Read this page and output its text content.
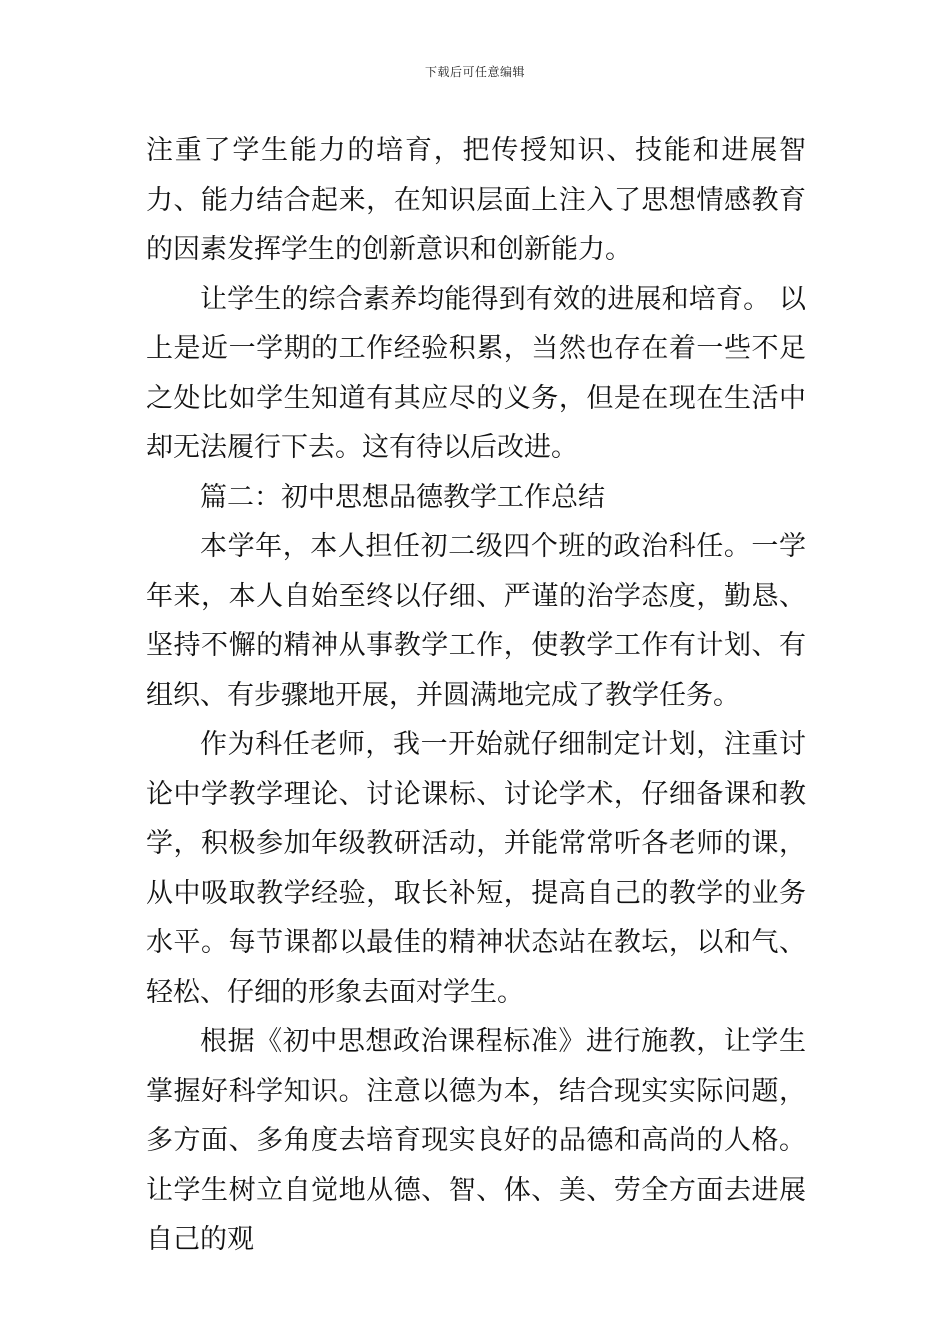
下载后可任意编辑

注重了学生能力的培育，把传授知识、技能和进展智力、能力结合起来，在知识层面上注入了思想情感教育的因素发挥学生的创新意识和创新能力。

让学生的综合素养均能得到有效的进展和培育。 以上是近一学期的工作经验积累，当然也存在着一些不足之处比如学生知道有其应尽的义务，但是在现在生活中却无法履行下去。这有待以后改进。

篇二：初中思想品德教学工作总结

本学年，本人担任初二级四个班的政治科任。一学年来，本人自始至终以仔细、严谨的治学态度，勤恳、坚持不懈的精神从事教学工作，使教学工作有计划、有组织、有步骤地开展，并圆满地完成了教学任务。

作为科任老师，我一开始就仔细制定计划，注重讨论中学教学理论、讨论课标、讨论学术，仔细备课和教学，积极参加年级教研活动，并能常常听各老师的课，从中吸取教学经验，取长补短，提高自己的教学的业务水平。每节课都以最佳的精神状态站在教坛，以和气、轻松、仔细的形象去面对学生。

根据《初中思想政治课程标准》进行施教，让学生掌握好科学知识。注意以德为本，结合现实实际问题，多方面、多角度去培育现实良好的品德和高尚的人格。让学生树立自觉地从德、智、体、美、劳全方面去进展自己的观
